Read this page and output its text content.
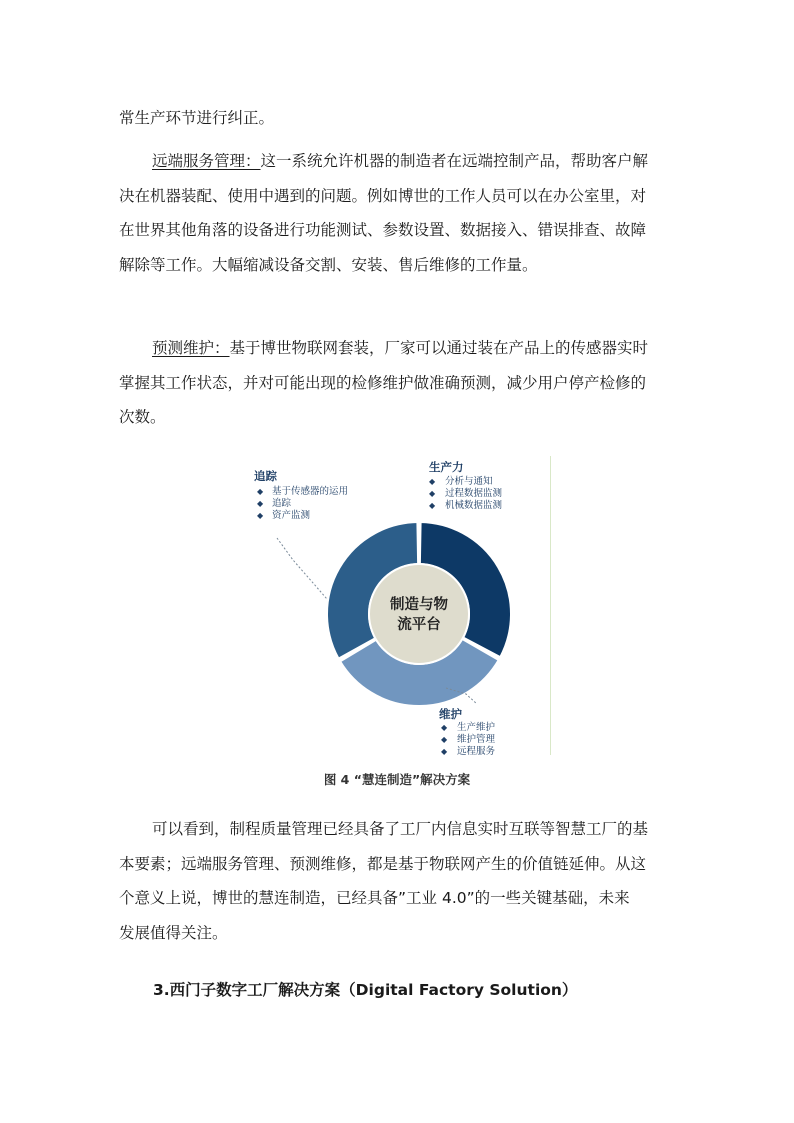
常生产环节进行纠正。
远端服务管理：这一系统允许机器的制造者在远端控制产品，帮助客户解
决在机器装配、使用中遇到的问题。例如博世的工作人员可以在办公室里，对
在世界其他角落的设备进行功能测试、参数设置、数据接入、错误排查、故障
解除等工作。大幅缩减设备交割、安装、售后维修的工作量。
预测维护：基于博世物联网套装，厂家可以通过装在产品上的传感器实时
掌握其工作状态，并对可能出现的检修维护做准确预测，减少用户停产检修的
次数。
制造与物
流平台
追踪
◆ 基于传感器的运用
◆ 追踪
◆ 资产监测
生产力
◆ 分析与通知
◆ 过程数据监测
◆ 机械数据监测
维护
◆ 生产维护
◆ 维护管理
◆ 远程服务
图 4 “慧连制造”解决方案
可以看到，制程质量管理已经具备了工厂内信息实时互联等智慧工厂的基
本要素；远端服务管理、预测维修，都是基于物联网产生的价值链延伸。从这
个意义上说，博世的慧连制造，已经具备”工业 4.0”的一些关键基础，未来
发展值得关注。
3.西门子数字工厂解决方案（Digital Factory Solution）
